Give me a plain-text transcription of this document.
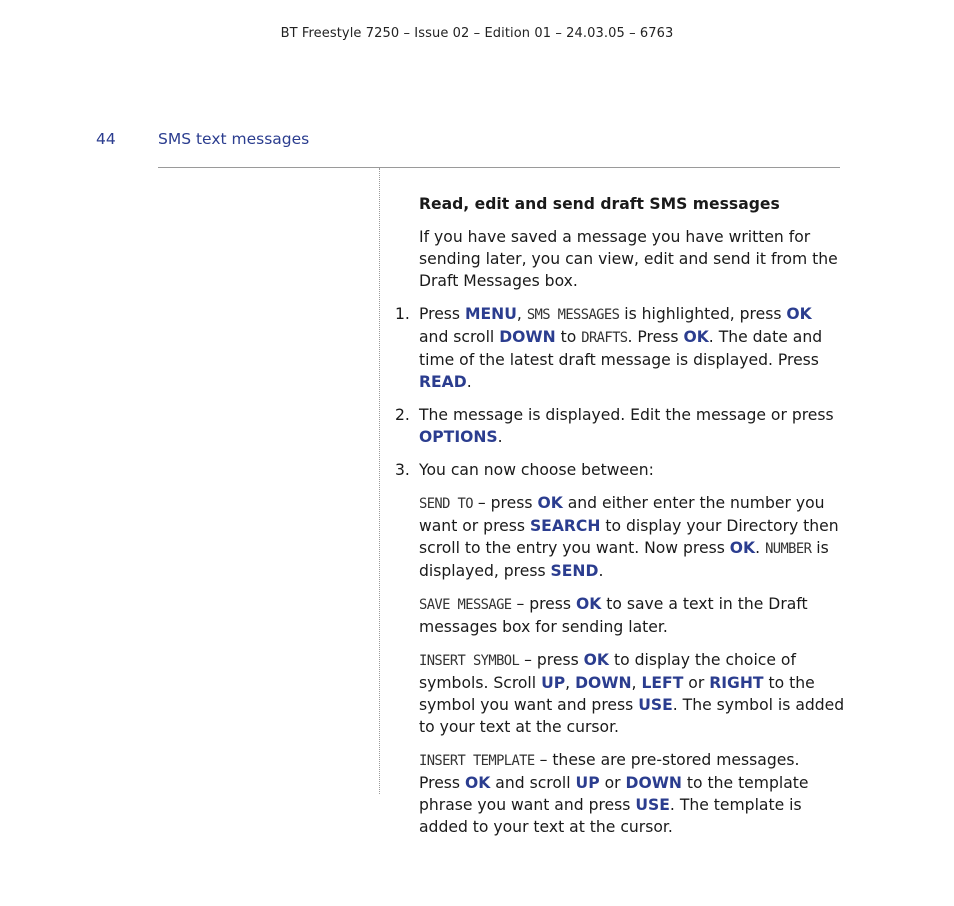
BT Freestyle 7250 – Issue 02 – Edition 01 – 24.03.05 – 6763
44	SMS text messages
Read, edit and send draft SMS messages

If you have saved a message you have written for sending later, you can view, edit and send it from the Draft Messages box.

1. Press MENU, SMS MESSAGES is highlighted, press OK and scroll DOWN to DRAFTS. Press OK. The date and time of the latest draft message is displayed. Press READ.
2. The message is displayed. Edit the message or press OPTIONS.
3. You can now choose between:

SEND TO – press OK and either enter the number you want or press SEARCH to display your Directory then scroll to the entry you want. Now press OK. NUMBER is displayed, press SEND.

SAVE MESSAGE – press OK to save a text in the Draft messages box for sending later.

INSERT SYMBOL – press OK to display the choice of symbols. Scroll UP, DOWN, LEFT or RIGHT to the symbol you want and press USE. The symbol is added to your text at the cursor.

INSERT TEMPLATE – these are pre-stored messages. Press OK and scroll UP or DOWN to the template phrase you want and press USE. The template is added to your text at the cursor.
